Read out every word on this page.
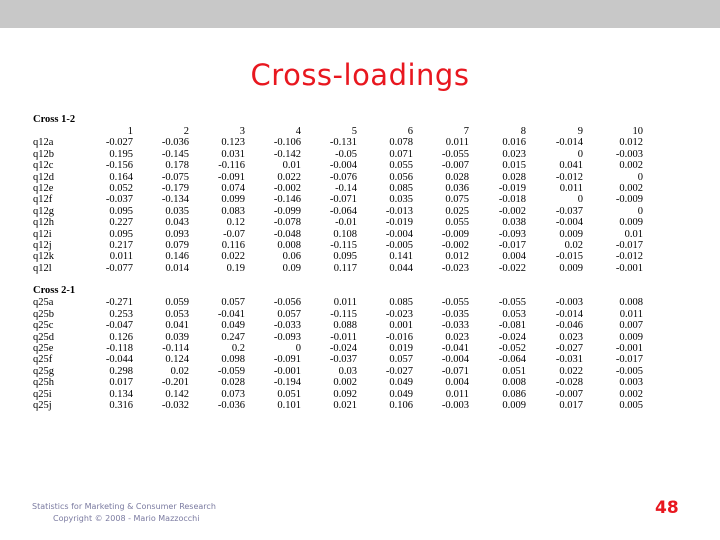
Cross-loadings
Cross 1-2
	1	2	3	4	5	6	7	8	9	10
q12a	-0.027	-0.036	0.123	-0.106	-0.131	0.078	0.011	0.016	-0.014	0.012
q12b	0.195	-0.145	0.031	-0.142	-0.05	0.071	-0.055	0.023	0	-0.003
q12c	-0.156	0.178	-0.116	0.01	-0.004	0.055	-0.007	0.015	0.041	0.002
q12d	0.164	-0.075	-0.091	0.022	-0.076	0.056	0.028	0.028	-0.012	0
q12e	0.052	-0.179	0.074	-0.002	-0.14	0.085	0.036	-0.019	0.011	0.002
q12f	-0.037	-0.134	0.099	-0.146	-0.071	0.035	0.075	-0.018	0	-0.009
q12g	0.095	0.035	0.083	-0.099	-0.064	-0.013	0.025	-0.002	-0.037	0
q12h	0.227	0.043	0.12	-0.078	-0.01	-0.019	0.055	0.038	-0.004	0.009
q12i	0.095	0.093	-0.07	-0.048	0.108	-0.004	-0.009	-0.093	0.009	0.01
q12j	0.217	0.079	0.116	0.008	-0.115	-0.005	-0.002	-0.017	0.02	-0.017
q12k	0.011	0.146	0.022	0.06	0.095	0.141	0.012	0.004	-0.015	-0.012
q12l	-0.077	0.014	0.19	0.09	0.117	0.044	-0.023	-0.022	0.009	-0.001
Cross 2-1
q25a	-0.271	0.059	0.057	-0.056	0.011	0.085	-0.055	-0.055	-0.003	0.008
q25b	0.253	0.053	-0.041	0.057	-0.115	-0.023	-0.035	0.053	-0.014	0.011
q25c	-0.047	0.041	0.049	-0.033	0.088	0.001	-0.033	-0.081	-0.046	0.007
q25d	0.126	0.039	0.247	-0.093	-0.011	-0.016	0.023	-0.024	0.023	0.009
q25e	-0.118	-0.114	0.2	0	-0.024	0.019	-0.041	-0.052	-0.027	-0.001
q25f	-0.044	0.124	0.098	-0.091	-0.037	0.057	-0.004	-0.064	-0.031	-0.017
q25g	0.298	0.02	-0.059	-0.001	0.03	-0.027	-0.071	0.051	0.022	-0.005
q25h	0.017	-0.201	0.028	-0.194	0.002	0.049	0.004	0.008	-0.028	0.003
q25i	0.134	0.142	0.073	0.051	0.092	0.049	0.011	0.086	-0.007	0.002
q25j	0.316	-0.032	-0.036	0.101	0.021	0.106	-0.003	0.009	0.017	0.005
Statistics for Marketing & Consumer Research
Copyright © 2008 - Mario Mazzocchi
48
